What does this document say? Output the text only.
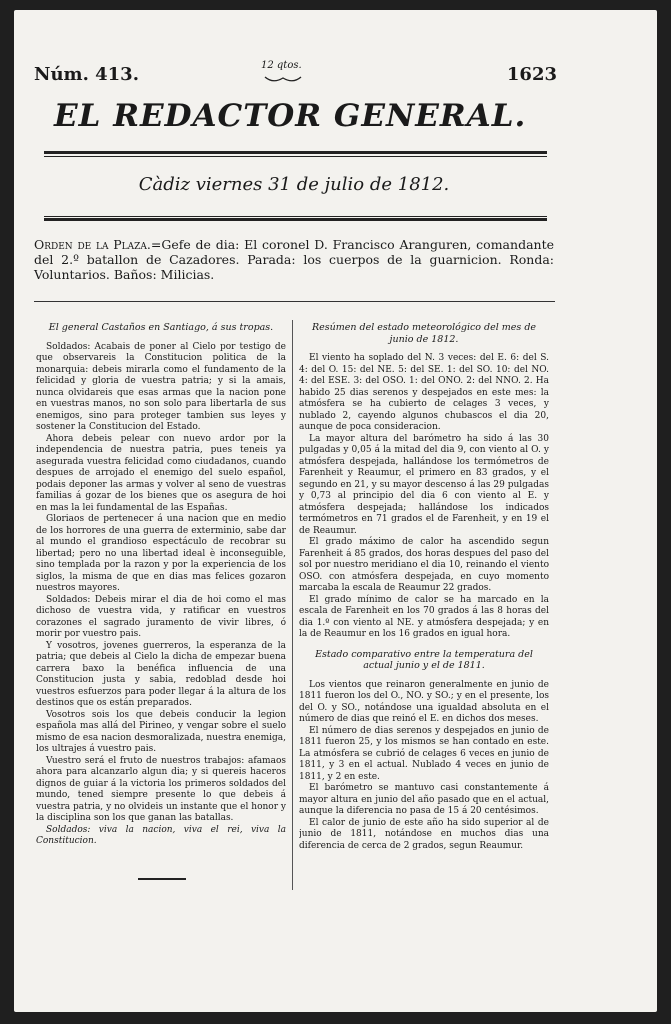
Núm. 413.	12 qtos.	1623
EL REDACTOR GENERAL.
Càdiz viernes 31 de julio de 1812.
Orden de la Plaza.=Gefe de dia: El coronel D. Francisco Aranguren, comandante del 2.º batallon de Cazadores. Parada: los cuerpos de la guarnicion. Ronda: Voluntarios. Baños: Milicias.
El general Castaños en Santiago, á sus tropas.

Soldados: Acabais de poner al Cielo por testigo de que observareis la Constitucion politica de la monarquia: debeis mirarla como el fundamento de la felicidad y gloria de vuestra patria; y si la amais, nunca olvidareis que esas armas que la nacion pone en vuestras manos, no son solo para libertarla de sus enemigos, sino para proteger tambien sus leyes y sostener la Constitucion del Estado.

Ahora debeis pelear con nuevo ardor por la independencia de nuestra patria, pues teneis ya asegurada vuestra felicidad como ciudadanos, cuando despues de arrojado el enemigo del suelo español, podais deponer las armas y volver al seno de vuestras familias á gozar de los bienes que os asegura de hoi en mas la lei fundamental de las Españas.

Gloriaos de pertenecer á una nacion que en medio de los horrores de una guerra de exterminio, sabe dar al mundo el grandioso espectáculo de recobrar su libertad; pero no una libertad ideal è inconseguible, sino templada por la razon y por la experiencia de los siglos, la misma de que en dias mas felices gozaron nuestros mayores.

Soldados: Debeis mirar el dia de hoi como el mas dichoso de vuestra vida, y ratificar en vuestros corazones el sagrado juramento de vivir libres, ó morir por vuestro pais.

Y vosotros, jovenes guerreros, la esperanza de la patria; que debeis al Cielo la dicha de empezar buena carrera baxo la benéfica influencia de una Constitucion justa y sabia, redoblad desde hoi vuestros esfuerzos para poder llegar á la altura de los destinos que os están preparados.

Vosotros sois los que debeis conducir la legion española mas allá del Pirineo, y vengar sobre el suelo mismo de esa nacion desmoralizada, nuestra enemiga, los ultrajes á vuestro pais.

Vuestro será el fruto de nuestros trabajos: afamaos ahora para alcanzarlo algun dia; y si quereis haceros dignos de guiar á la victoria los primeros soldados del mundo, tened siempre presente lo que debeis á vuestra patria, y no olvideis un instante que el honor y la disciplina son los que ganan las batallas.

Soldados: viva la nacion, viva el rei, viva la Constitucion.

Resúmen del estado meteorológico del mes de junio de 1812.

El viento ha soplado del N. 3 veces: del E. 6: del S. 4: del O. 15: del NE. 5: del SE. 1: del SO. 10: del NO. 4: del ESE. 3: del OSO. 1: del ONO. 2: del NNO. 2. Ha habido 25 dias serenos y despejados en este mes: la atmósfera se ha cubierto de celages 3 veces, y nublado 2, cayendo algunos chubascos el dia 20, aunque de poca consideracion.

La mayor altura del barómetro ha sido á las 30 pulgadas y 0,05 á la mitad del dia 9, con viento al O. y atmósfera despejada, hallándose los termómetros de Farenheit y Reaumur, el primero en 83 grados, y el segundo en 21, y su mayor descenso á las 29 pulgadas y 0,73 al principio del dia 6 con viento al E. y atmósfera despejada; hallándose los indicados termómetros en 71 grados el de Farenheit, y en 19 el de Reaumur.

El grado máximo de calor ha ascendido segun Farenheit á 85 grados, dos horas despues del paso del sol por nuestro meridiano el dia 10, reinando el viento OSO. con atmósfera despejada, en cuyo momento marcaba la escala de Reaumur 22 grados.

El grado mínimo de calor se ha marcado en la escala de Farenheit en los 70 grados á las 8 horas del dia 1.º con viento al NE. y atmósfera despejada; y en la de Reaumur en los 16 grados en igual hora.

Estado comparativo entre la temperatura del actual junio y el de 1811.

Los vientos que reinaron generalmente en junio de 1811 fueron los del O., NO. y SO.; y en el presente, los del O. y SO., notándose una igualdad absoluta en el número de dias que reinó el E. en dichos dos meses.

El número de dias serenos y despejados en junio de 1811 fueron 25, y los mismos se han contado en este. La atmósfera se cubrió de celages 6 veces en junio de 1811, y 3 en el actual. Nublado 4 veces en junio de 1811, y 2 en este.

El barómetro se mantuvo casi constantemente á mayor altura en junio del año pasado que en el actual, aunque la diferencia no pasa de 15 á 20 centésimos.

El calor de junio de este año ha sido superior al de junio de 1811, notándose en muchos dias una diferencia de cerca de 2 grados, segun Reaumur.
